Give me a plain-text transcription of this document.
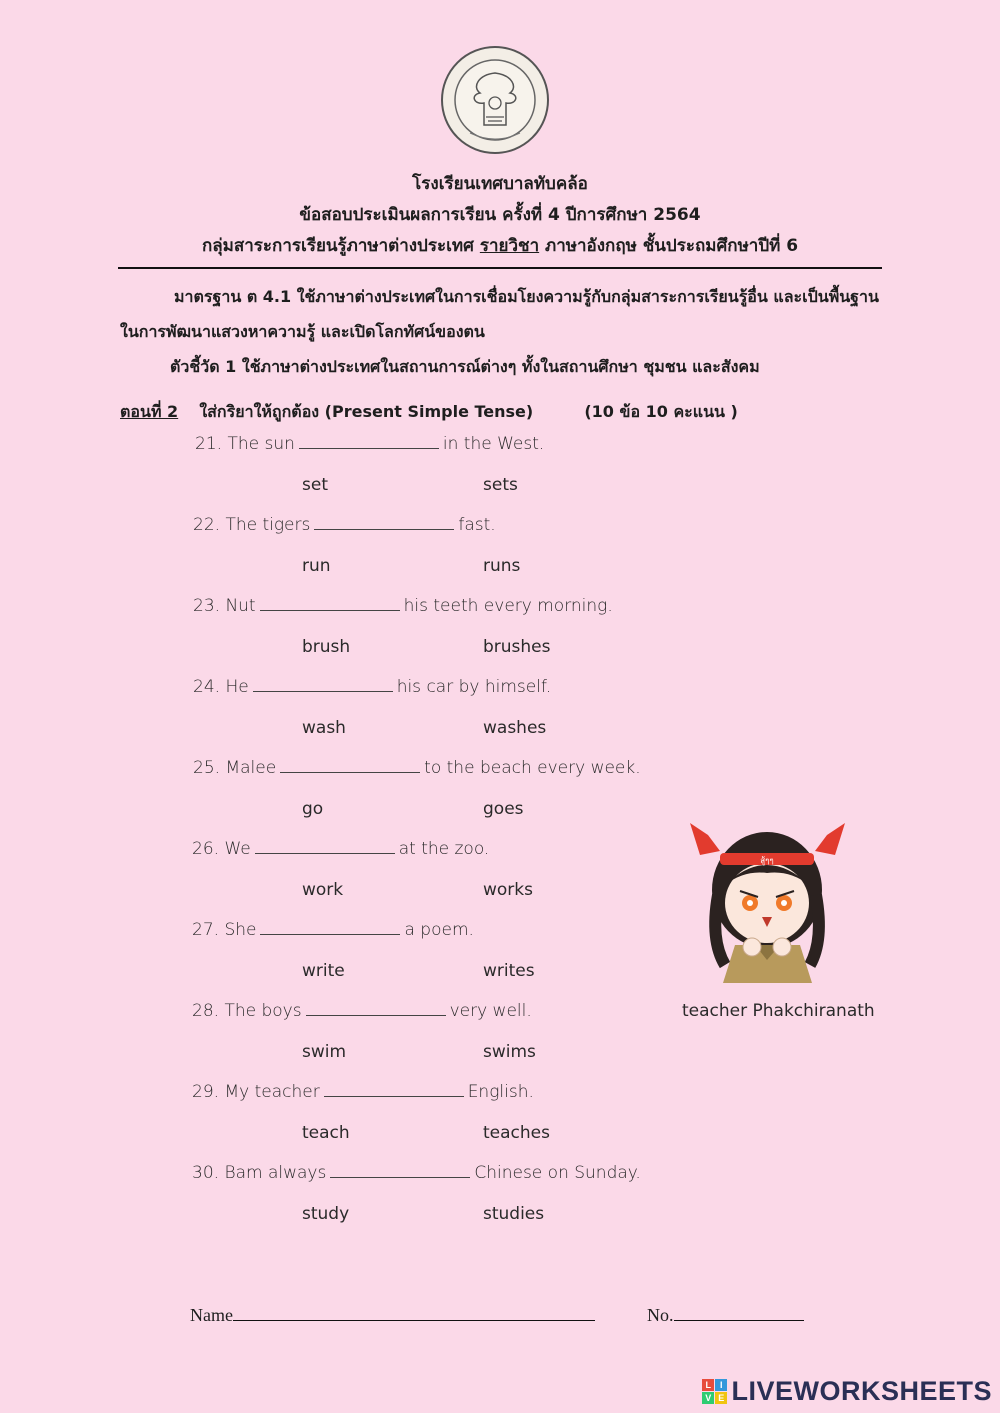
โรงเรียนเทศบาลทับคล้อ
ข้อสอบประเมินผลการเรียน ครั้งที่ 4 ปีการศึกษา 2564
กลุ่มสาระการเรียนรู้ภาษาต่างประเทศ รายวิชา ภาษาอังกฤษ ชั้นประถมศึกษาปีที่ 6
มาตรฐาน ต 4.1 ใช้ภาษาต่างประเทศในการเชื่อมโยงความรู้กับกลุ่มสาระการเรียนรู้อื่น และเป็นพื้นฐาน
ในการพัฒนาแสวงหาความรู้ และเปิดโลกทัศน์ของตน
ตัวชี้วัด 1 ใช้ภาษาต่างประเทศในสถานการณ์ต่างๆ ทั้งในสถานศึกษา ชุมชน และสังคม
ตอนที่ 2 ใส่กริยาให้ถูกต้อง (Present Simple Tense)	(10 ข้อ 10 คะแนน )
21. The sun	in the West.
set	sets
22. The tigers	fast.
run	runs
23. Nut	his teeth every morning.
brush	brushes
24. He	his car by himself.
wash	washes
25. Malee	to the beach every week.
go	goes
26. We	at the zoo.
work	works
27. She	a poem.
write	writes
28. The boys	very well.
swim	swims
29. My teacher	English.
teach	teaches
30. Bam always	Chinese on Sunday.
study	studies
สู้ๆๆ
teacher Phakchiranath
Name	No.
L I
V E LIVEWORKSHEETS
